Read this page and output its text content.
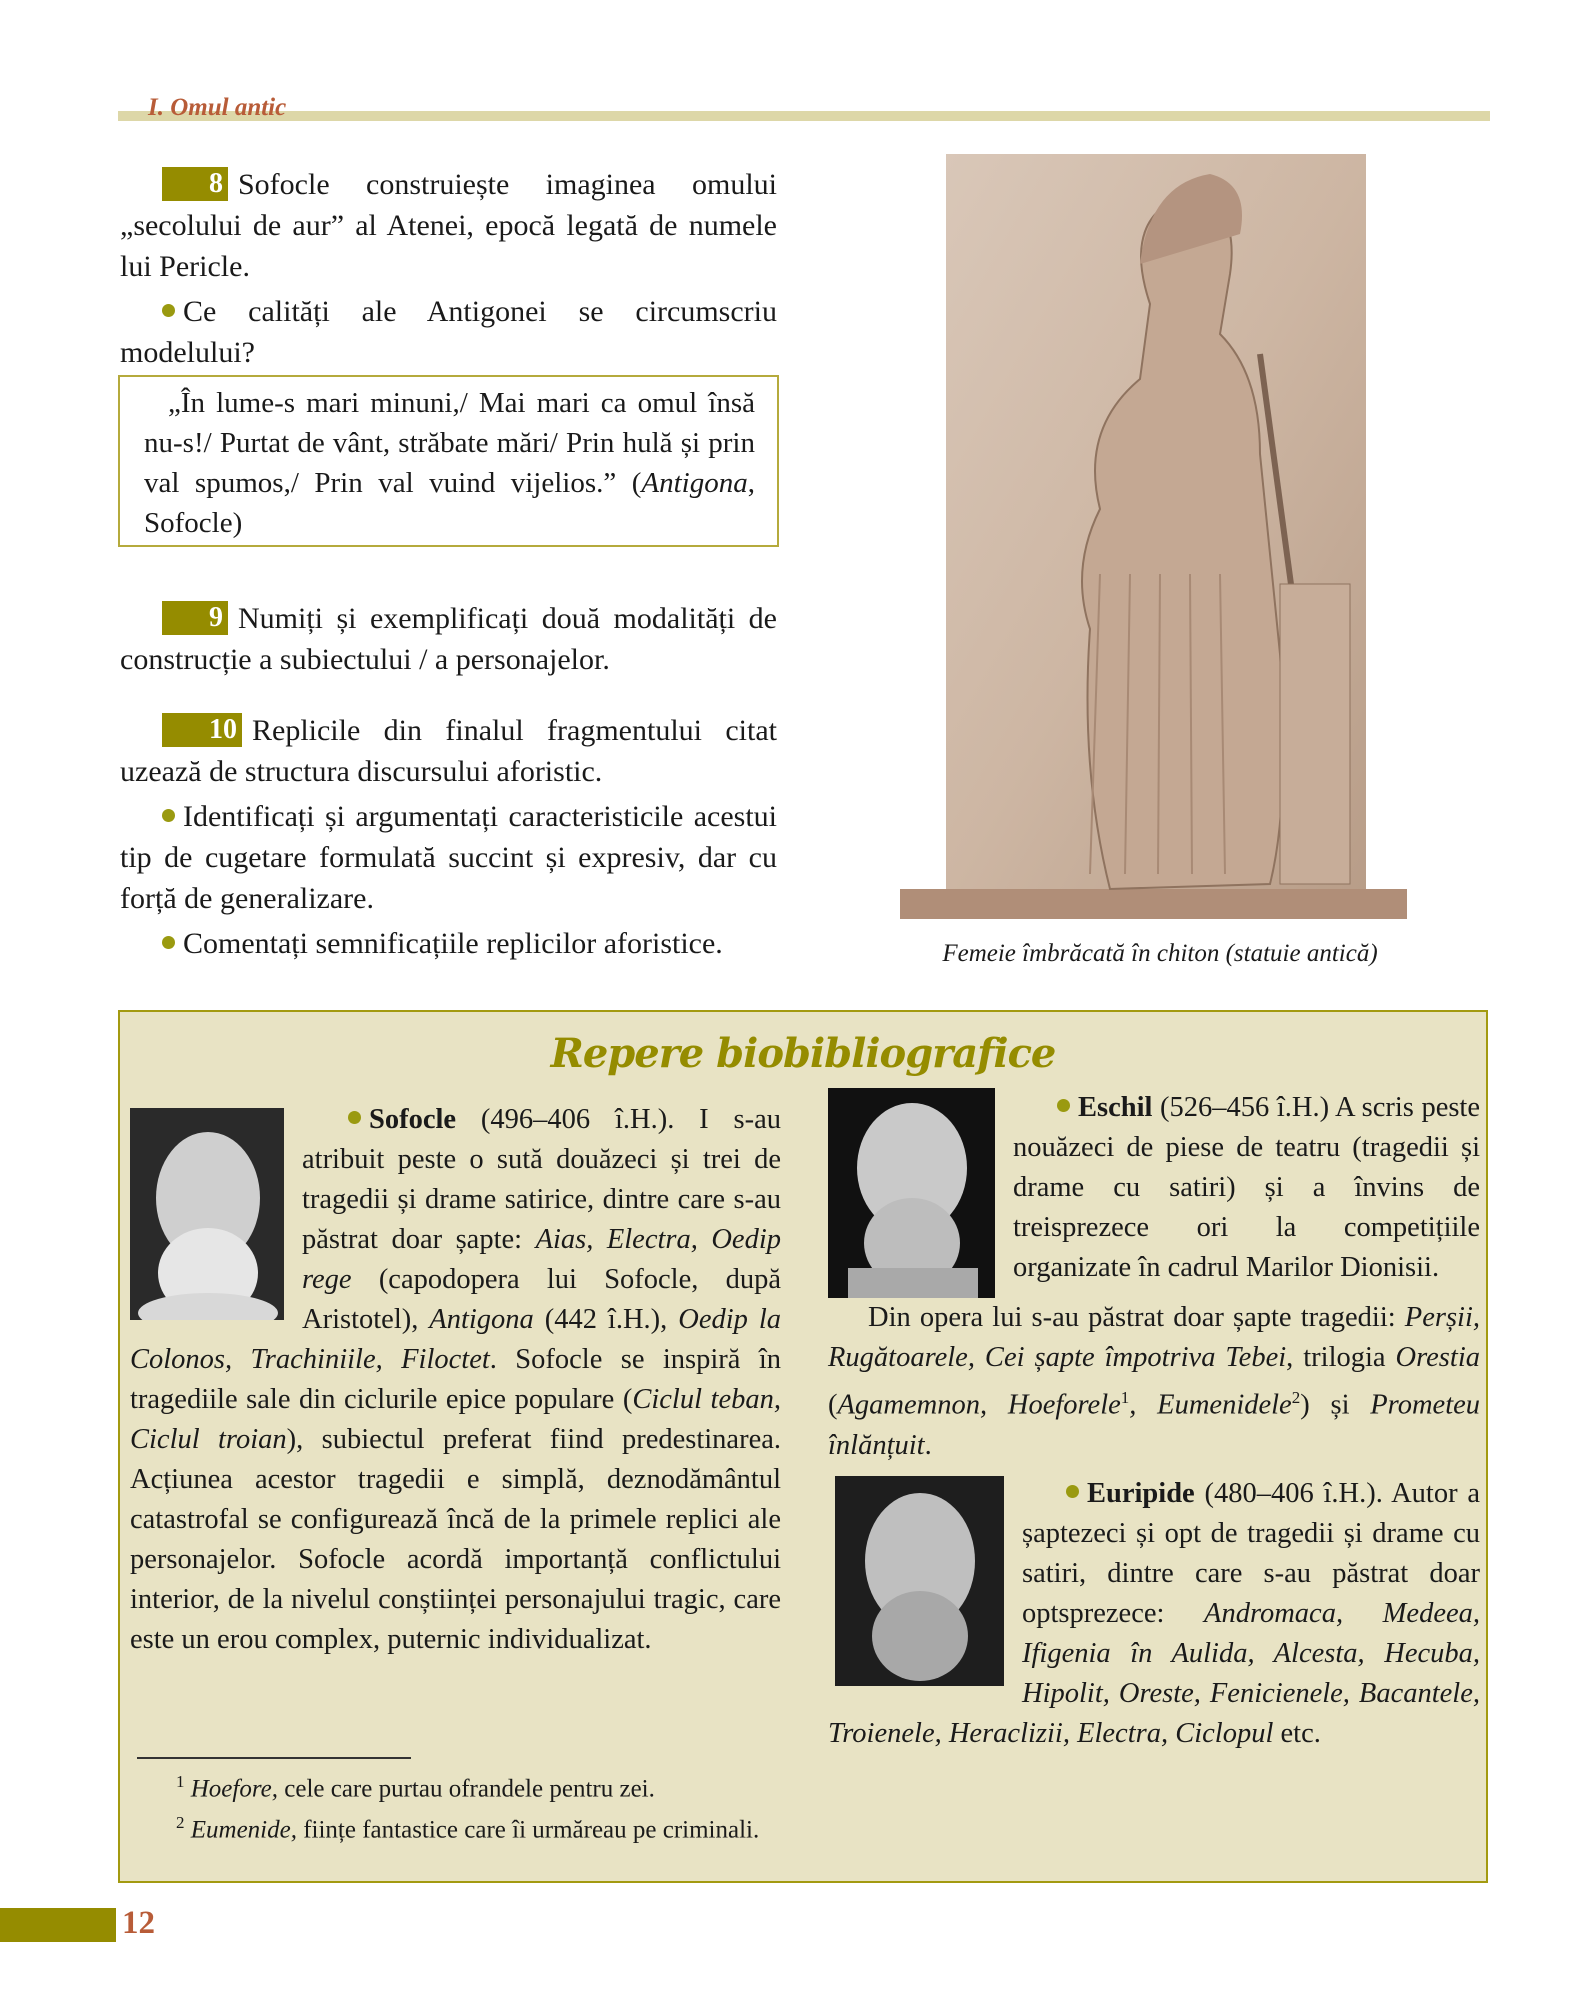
I. Omul antic

8 Sofocle construiește imaginea omului „secolului de aur” al Atenei, epocă legată de numele lui Pericle.

Ce calități ale Antigonei se circumscriu modelului?

„În lume-s mari minuni,/ Mai mari ca omul însă nu-s!/ Purtat de vânt, străbate mări/ Prin hulă și prin val spumos,/ Prin val vuind vijelios.” (Antigona, Sofocle)

9 Numiți și exemplificați două modalități de construcție a subiectului / a personajelor.

10 Replicile din finalul fragmentului citat uzează de structura discursului aforistic.

Identificați și argumentați caracteristicile acestui tip de cugetare formulată succint și expresiv, dar cu forță de generalizare.

Comentați semnificațiile replicilor aforistice.	Femeie îmbrăcată în chiton (statuie antică)
Repere biobibliografice

Sofocle (496–406 î.H.). I s-au atribuit peste o sută douăzeci și trei de tragedii și drame satirice, dintre care s-au păstrat doar șapte: Aias, Electra, Oedip rege (capodopera lui Sofocle, după Aristotel), Antigona (442 î.H.), Oedip la Colonos, Trachiniile, Filoctet. Sofocle se inspiră în tragediile sale din ciclurile epice populare (Ciclul teban, Ciclul troian), subiectul preferat fiind predestinarea. Acțiunea acestor tragedii e simplă, deznodământul catastrofal se configurează încă de la primele replici ale personajelor. Sofocle acordă importanță conflictului interior, de la nivelul conștiinței personajului tragic, care este un erou complex, puternic individualizat.

Eschil (526–456 î.H.) A scris peste nouăzeci de piese de teatru (tragedii și drame cu satiri) și a învins de treisprezece ori la competițiile organizate în cadrul Marilor Dionisii.

Din opera lui s-au păstrat doar șapte tragedii: Perșii, Rugătoarele, Cei șapte împotriva Tebei, trilogia Orestia (Agamemnon, Hoeforele$^1$, Eumenidele$^2$) și Prometeu înlănțuit.

Euripide (480–406 î.H.). Autor a șaptezeci și opt de tragedii și drame cu satiri, dintre care s-au păstrat doar optsprezece: Andromaca, Medeea, Ifigenia în Aulida, Alcesta, Hecuba, Hipolit, Oreste, Fenicienele, Bacantele, Troienele, Heraclizii, Electra, Ciclopul etc.

$^1$ Hoefore, cele care purtau ofrandele pentru zei.

$^2$ Eumenide, ființe fantastice care îi urmăreau pe criminali.

12
